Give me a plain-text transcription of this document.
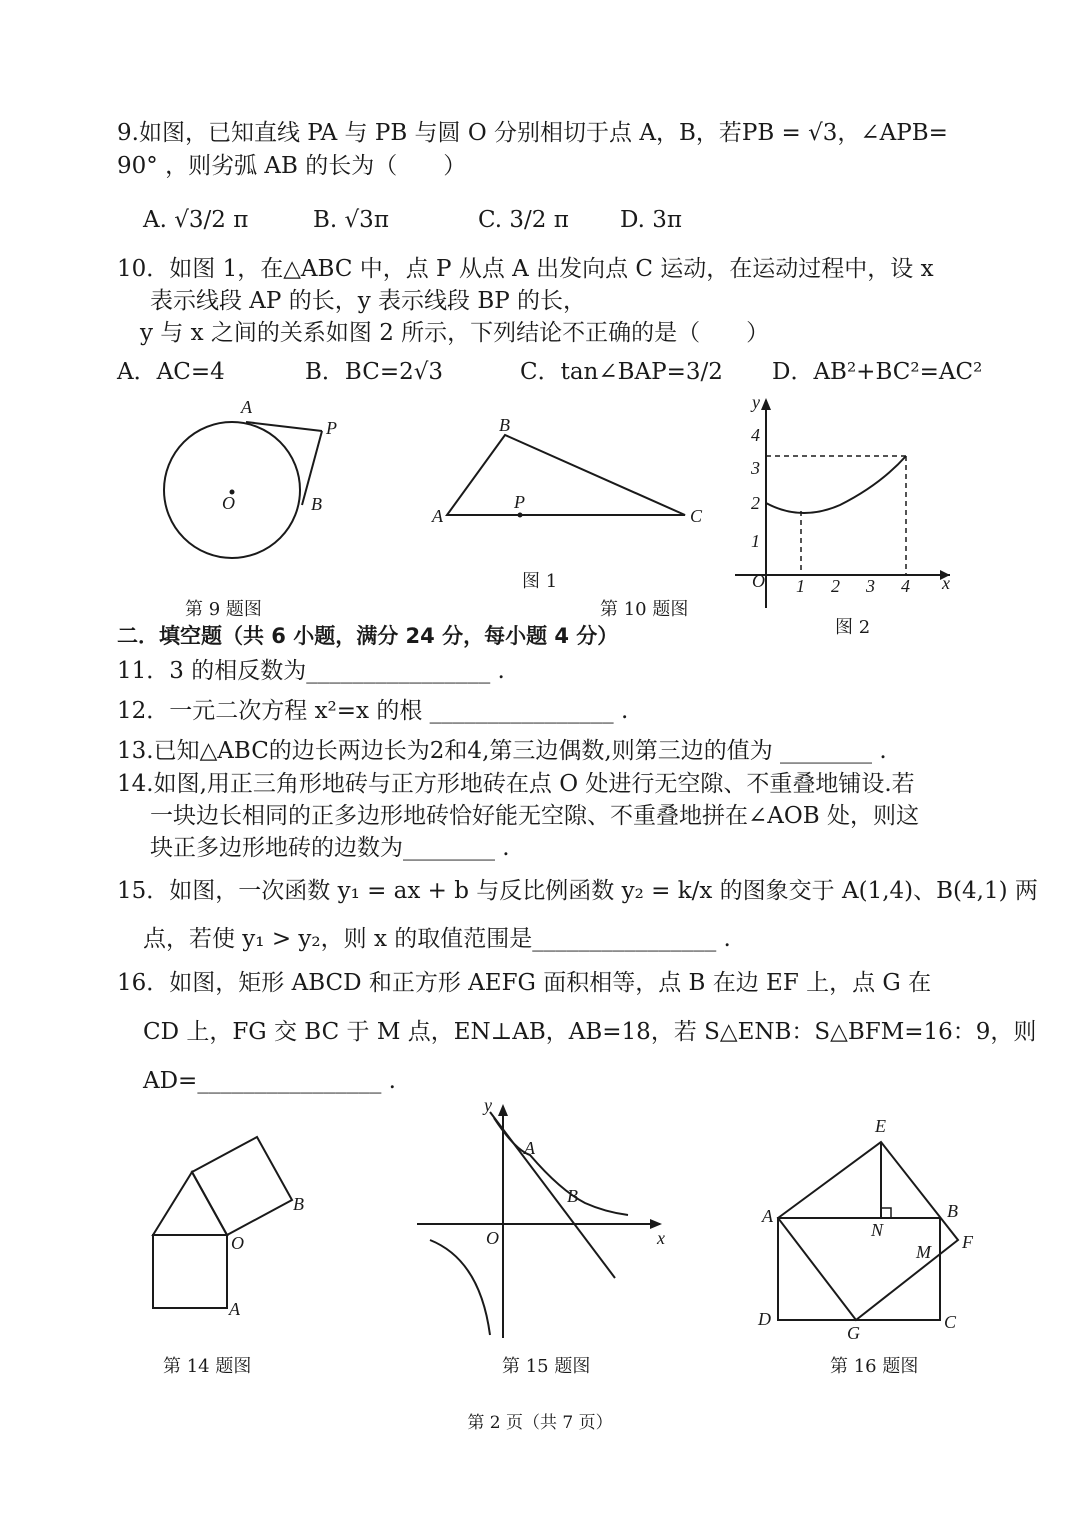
9.如图，已知直线 PA 与 PB 与圆 O 分别相切于点 A，B，若PB = √3，∠APB=
90° ，则劣弧 AB 的长为（　　）
A. √3/2 π	B. √3π	C. 3/2 π D. 3π
10．如图 1，在△ABC 中，点 P 从点 A 出发向点 C 运动，在运动过程中，设 x
表示线段 AP 的长，y 表示线段 BP 的长，
y 与 x 之间的关系如图 2 所示，下列结论不正确的是（　　）
A．AC=4	B．BC=2√3	C．tan∠BAP=3/2 D．AB²+BC²=AC²
A
P
O	B
B
A
P
C
y
x
O 1 2 3 4
1
2
3
4
B
O
A
y
A
B
O	x
E
A	B
N
M F
D
G
C
第 9 题图
图 1
第 10 题图
图 2
二．填空题（共 6 小题，满分 24 分，每小题 4 分）
11．3 的相反数为________________ .
12．一元二次方程 x²=x 的根 ________________ .
13.已知△ABC的边长两边长为2和4,第三边偶数,则第三边的值为 ________ .
14.如图,用正三角形地砖与正方形地砖在点 O 处进行无空隙、不重叠地铺设.若
一块边长相同的正多边形地砖恰好能无空隙、不重叠地拼在∠AOB 处，则这
块正多边形地砖的边数为________ .
15．如图，一次函数 y₁ = ax + b 与反比例函数 y₂ = k/x 的图象交于 A(1,4)、B(4,1) 两
点，若使 y₁ > y₂，则 x 的取值范围是________________ .
16．如图，矩形 ABCD 和正方形 AEFG 面积相等，点 B 在边 EF 上，点 G 在
CD 上，FG 交 BC 于 M 点，EN⊥AB，AB=18，若 S△ENB：S△BFM=16：9，则
AD=________________ .
第 14 题图	第 15 题图	第 16 题图
第 2 页（共 7 页）
